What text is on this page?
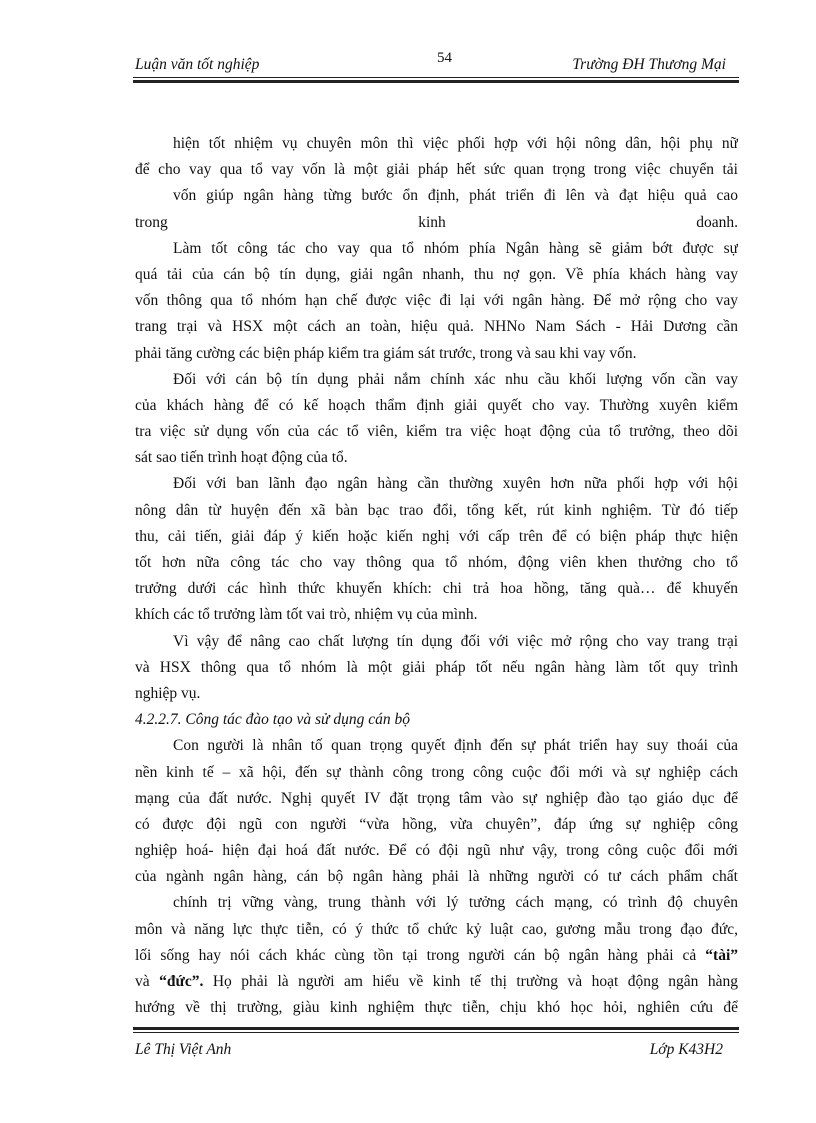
Luận văn tốt nghiệp	54	Trường ĐH Thương Mại
hiện tốt nhiệm vụ chuyên môn thì việc phối hợp với hội nông dân, hội phụ nữ
để cho vay qua tổ vay vốn là một giải pháp hết sức quan trọng trong việc chuyển tải
vốn giúp ngân hàng từng bước ổn định, phát triển đi lên và đạt hiệu quả cao
trong kinh doanh.
Làm tốt công tác cho vay qua tổ nhóm phía Ngân hàng sẽ giảm bớt được sự
quá tải của cán bộ tín dụng, giải ngân nhanh, thu nợ gọn. Về phía khách hàng vay
vốn thông qua tổ nhóm hạn chế được việc đi lại với ngân hàng. Để mở rộng cho vay
trang trại và HSX một cách an toàn, hiệu quả. NHNo Nam Sách - Hải Dương cần
phải tăng cường các biện pháp kiểm tra giám sát trước, trong và sau khi vay vốn.
Đối với cán bộ tín dụng phải nắm chính xác nhu cầu khối lượng vốn cần vay
của khách hàng để có kế hoạch thẩm định giải quyết cho vay. Thường xuyên kiểm
tra việc sử dụng vốn của các tổ viên, kiểm tra việc hoạt động của tổ trưởng, theo dõi
sát sao tiến trình hoạt động của tổ.
Đối với ban lãnh đạo ngân hàng cần thường xuyên hơn nữa phối hợp với hội
nông dân từ huyện đến xã bàn bạc trao đổi, tổng kết, rút kinh nghiệm. Từ đó tiếp
thu, cải tiến, giải đáp ý kiến hoặc kiến nghị với cấp trên để có biện pháp thực hiện
tốt hơn nữa công tác cho vay thông qua tổ nhóm, động viên khen thưởng cho tổ
trưởng dưới các hình thức khuyến khích: chi trả hoa hồng, tăng quà… để khuyến
khích các tổ trưởng làm tốt vai trò, nhiệm vụ của mình.
Vì vậy để nâng cao chất lượng tín dụng đối với việc mở rộng cho vay trang trại
và HSX thông qua tổ nhóm là một giải pháp tốt nếu ngân hàng làm tốt quy trình
nghiệp vụ.
4.2.2.7. Công tác đào tạo và sử dụng cán bộ
Con người là nhân tố quan trọng quyết định đến sự phát triển hay suy thoái của
nền kinh tế – xã hội, đến sự thành công trong công cuộc đổi mới và sự nghiệp cách
mạng của đất nước. Nghị quyết IV đặt trọng tâm vào sự nghiệp đào tạo giáo dục để
có được đội ngũ con người “vừa hồng, vừa chuyên”, đáp ứng sự nghiệp công
nghiệp hoá- hiện đại hoá đất nước. Để có đội ngũ như vậy, trong công cuộc đổi mới
của ngành ngân hàng, cán bộ ngân hàng phải là những người có tư cách phẩm chất
chính trị vững vàng, trung thành với lý tưởng cách mạng, có trình độ chuyên
môn và năng lực thực tiễn, có ý thức tổ chức kỷ luật cao, gương mẫu trong đạo đức,
lối sống hay nói cách khác cùng tồn tại trong người cán bộ ngân hàng phải cả “tài”
và “đức”. Họ phải là người am hiểu về kinh tế thị trường và hoạt động ngân hàng
hướng về thị trường, giàu kinh nghiệm thực tiễn, chịu khó học hỏi, nghiên cứu để
Lê Thị Việt Anh	Lớp K43H2
